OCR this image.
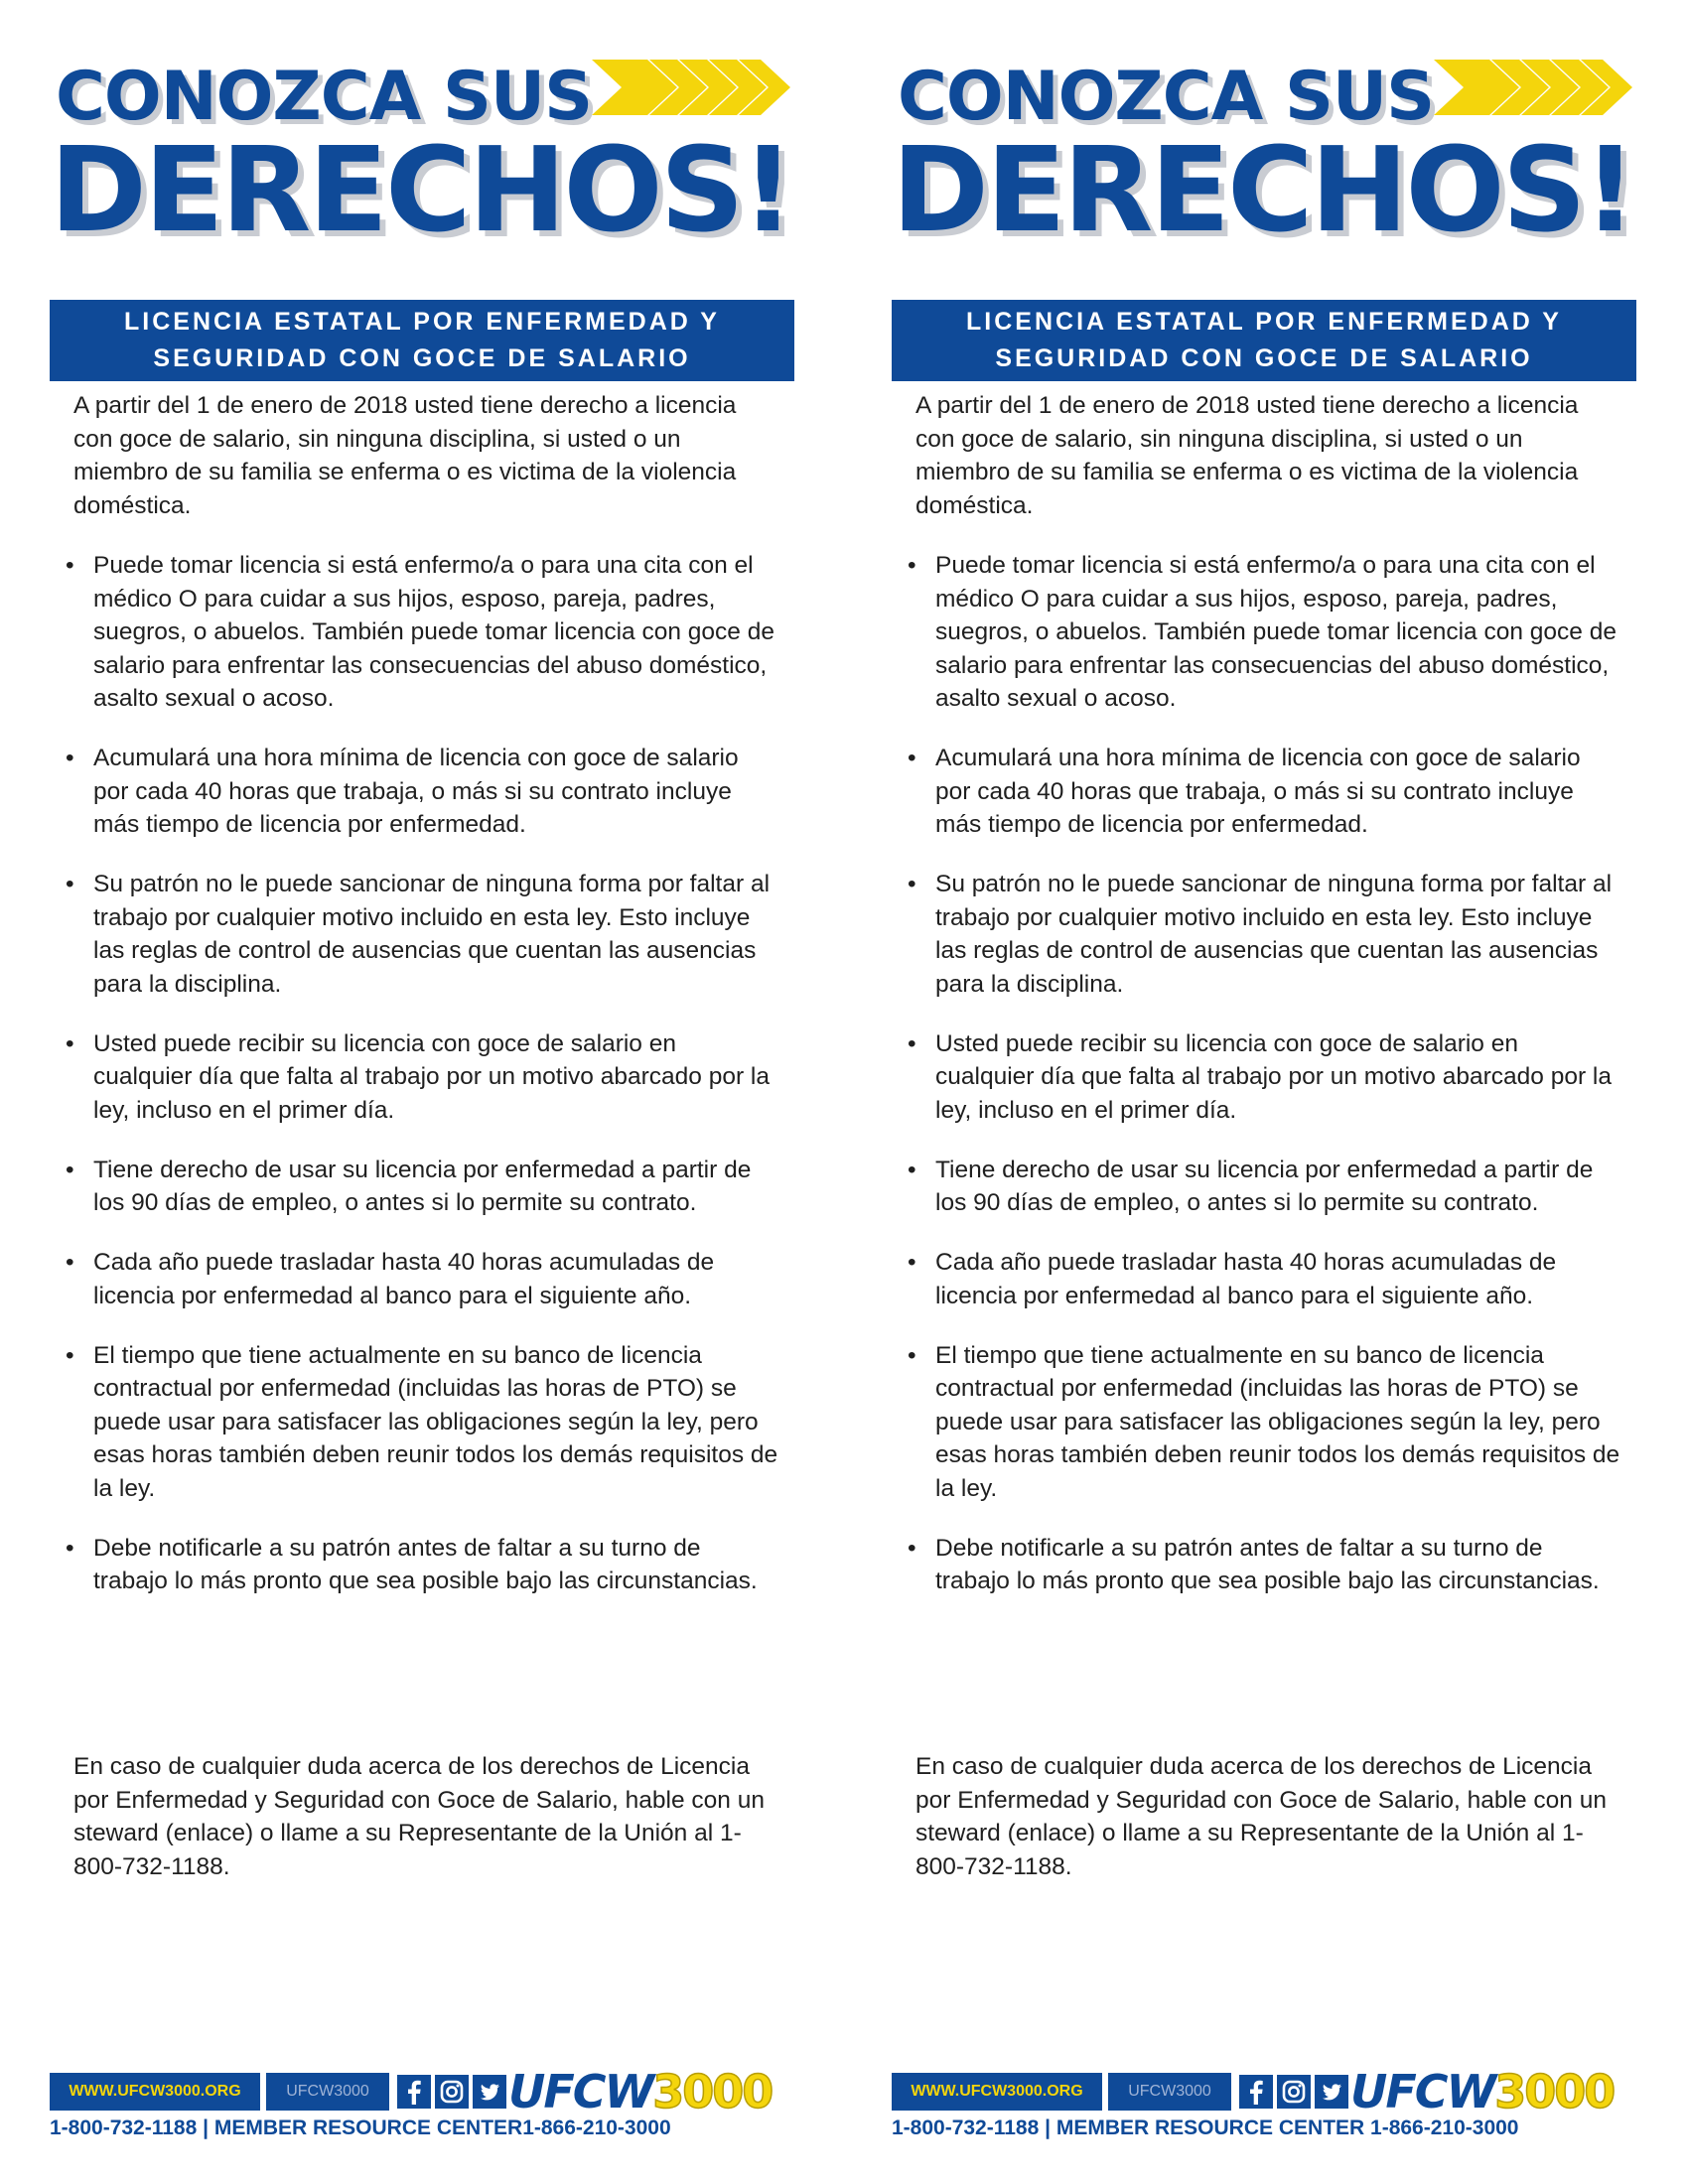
CONOZCA SUS
DERECHOS!
LICENCIA ESTATAL POR ENFERMEDAD Y
SEGURIDAD CON GOCE DE SALARIO

A partir del 1 de enero de 2018 usted tiene derecho a licencia con goce de salario, sin ninguna disciplina, si usted o un miembro de su familia se enferma o es victima de la violencia doméstica.

• Puede tomar licencia si está enfermo/a o para una cita con el médico O para cuidar a sus hijos, esposo, pareja, padres, suegros, o abuelos. También puede tomar licencia con goce de salario para enfrentar las consecuencias del abuso doméstico, asalto sexual o acoso.
• Acumulará una hora mínima de licencia con goce de salario por cada 40 horas que trabaja, o más si su contrato incluye más tiempo de licencia por enfermedad.
• Su patrón no le puede sancionar de ninguna forma por faltar al trabajo por cualquier motivo incluido en esta ley. Esto incluye las reglas de control de ausencias que cuentan las ausencias para la disciplina.
• Usted puede recibir su licencia con goce de salario en cualquier día que falta al trabajo por un motivo abarcado por la ley, incluso en el primer día.
• Tiene derecho de usar su licencia por enfermedad a partir de los 90 días de empleo, o antes si lo permite su contrato.
• Cada año puede trasladar hasta 40 horas acumuladas de licencia por enfermedad al banco para el siguiente año.
• El tiempo que tiene actualmente en su banco de licencia contractual por enfermedad (incluidas las horas de PTO) se puede usar para satisfacer las obligaciones según la ley, pero esas horas también deben reunir todos los demás requisitos de la ley.
• Debe notificarle a su patrón antes de faltar a su turno de trabajo lo más pronto que sea posible bajo las circunstancias.

En caso de cualquier duda acerca de los derechos de Licencia por Enfermedad y Seguridad con Goce de Salario, hable con un steward (enlace) o llame a su Representante de la Unión al 1-800-732-1188.

WWW.UFCW3000.ORG	UFCW3000	UFCW3000
1-800-732-1188 | MEMBER RESOURCE CENTER1-866-210-3000
CONOZCA SUS
DERECHOS!
LICENCIA ESTATAL POR ENFERMEDAD Y
SEGURIDAD CON GOCE DE SALARIO

A partir del 1 de enero de 2018 usted tiene derecho a licencia con goce de salario, sin ninguna disciplina, si usted o un miembro de su familia se enferma o es victima de la violencia doméstica.

• Puede tomar licencia si está enfermo/a o para una cita con el médico O para cuidar a sus hijos, esposo, pareja, padres, suegros, o abuelos. También puede tomar licencia con goce de salario para enfrentar las consecuencias del abuso doméstico, asalto sexual o acoso.
• Acumulará una hora mínima de licencia con goce de salario por cada 40 horas que trabaja, o más si su contrato incluye más tiempo de licencia por enfermedad.
• Su patrón no le puede sancionar de ninguna forma por faltar al trabajo por cualquier motivo incluido en esta ley. Esto incluye las reglas de control de ausencias que cuentan las ausencias para la disciplina.
• Usted puede recibir su licencia con goce de salario en cualquier día que falta al trabajo por un motivo abarcado por la ley, incluso en el primer día.
• Tiene derecho de usar su licencia por enfermedad a partir de los 90 días de empleo, o antes si lo permite su contrato.
• Cada año puede trasladar hasta 40 horas acumuladas de licencia por enfermedad al banco para el siguiente año.
• El tiempo que tiene actualmente en su banco de licencia contractual por enfermedad (incluidas las horas de PTO) se puede usar para satisfacer las obligaciones según la ley, pero esas horas también deben reunir todos los demás requisitos de la ley.
• Debe notificarle a su patrón antes de faltar a su turno de trabajo lo más pronto que sea posible bajo las circunstancias.

En caso de cualquier duda acerca de los derechos de Licencia por Enfermedad y Seguridad con Goce de Salario, hable con un steward (enlace) o llame a su Representante de la Unión al 1-800-732-1188.

WWW.UFCW3000.ORG	UFCW3000	UFCW3000
1-800-732-1188 | MEMBER RESOURCE CENTER 1-866-210-3000
